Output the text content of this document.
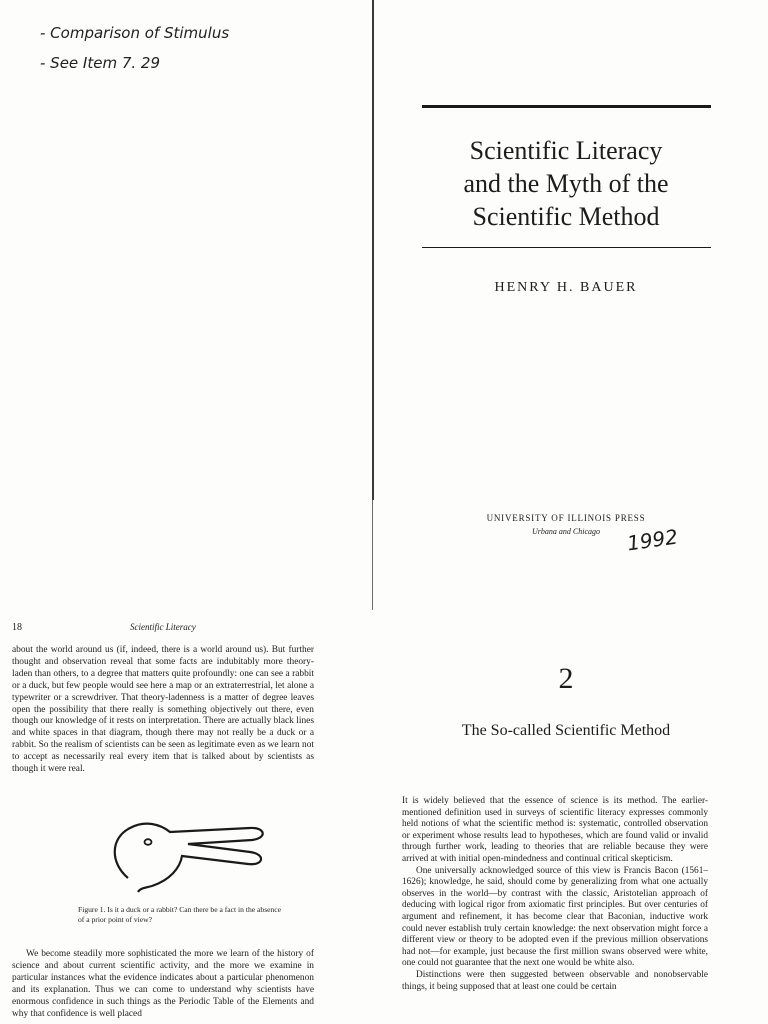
- Comparison of Stimulus
- See Item 7. 29
18	Scientific Literacy
about the world around us (if, indeed, there is a world around us). But further thought and observation reveal that some facts are indubitably more theory-laden than others, to a degree that matters quite profoundly: one can see a rabbit or a duck, but few people would see here a map or an extraterrestrial, let alone a typewriter or a screwdriver. That theory-ladenness is a matter of degree leaves open the possibility that there really is something objectively out there, even though our knowledge of it rests on interpretation. There are actually black lines and white spaces in that diagram, though there may not really be a duck or a rabbit. So the realism of scientists can be seen as legitimate even as we learn not to accept as necessarily real every item that is talked about by scientists as though it were real.
Figure 1. Is it a duck or a rabbit? Can there be a fact in the absence of a prior point of view?
We become steadily more sophisticated the more we learn of the history of science and about current scientific activity, and the more we examine in particular instances what the evidence indicates about a particular phenomenon and its explanation. Thus we can come to understand why scientists have enormous confidence in such things as the Periodic Table of the Elements and why that confidence is well placed
Scientific Literacy
and the Myth of the
Scientific Method
HENRY H. BAUER
UNIVERSITY OF ILLINOIS PRESS
Urbana and Chicago	1992
2
The So-called Scientific Method

It is widely believed that the essence of science is its method. The earlier-mentioned definition used in surveys of scientific literacy expresses commonly held notions of what the scientific method is: systematic, controlled observation or experiment whose results lead to hypotheses, which are found valid or invalid through further work, leading to theories that are reliable because they were arrived at with initial open-mindedness and continual critical skepticism.

One universally acknowledged source of this view is Francis Bacon (1561–1626); knowledge, he said, should come by generalizing from what one actually observes in the world—by contrast with the classic, Aristotelian approach of deducing with logical rigor from axiomatic first principles. But over centuries of argument and refinement, it has become clear that Baconian, inductive work could never establish truly certain knowledge: the next observation might force a different view or theory to be adopted even if the previous million observations had not—for example, just because the first million swans observed were white, one could not guarantee that the next one would be white also.

Distinctions were then suggested between observable and nonobservable things, it being supposed that at least one could be certain
